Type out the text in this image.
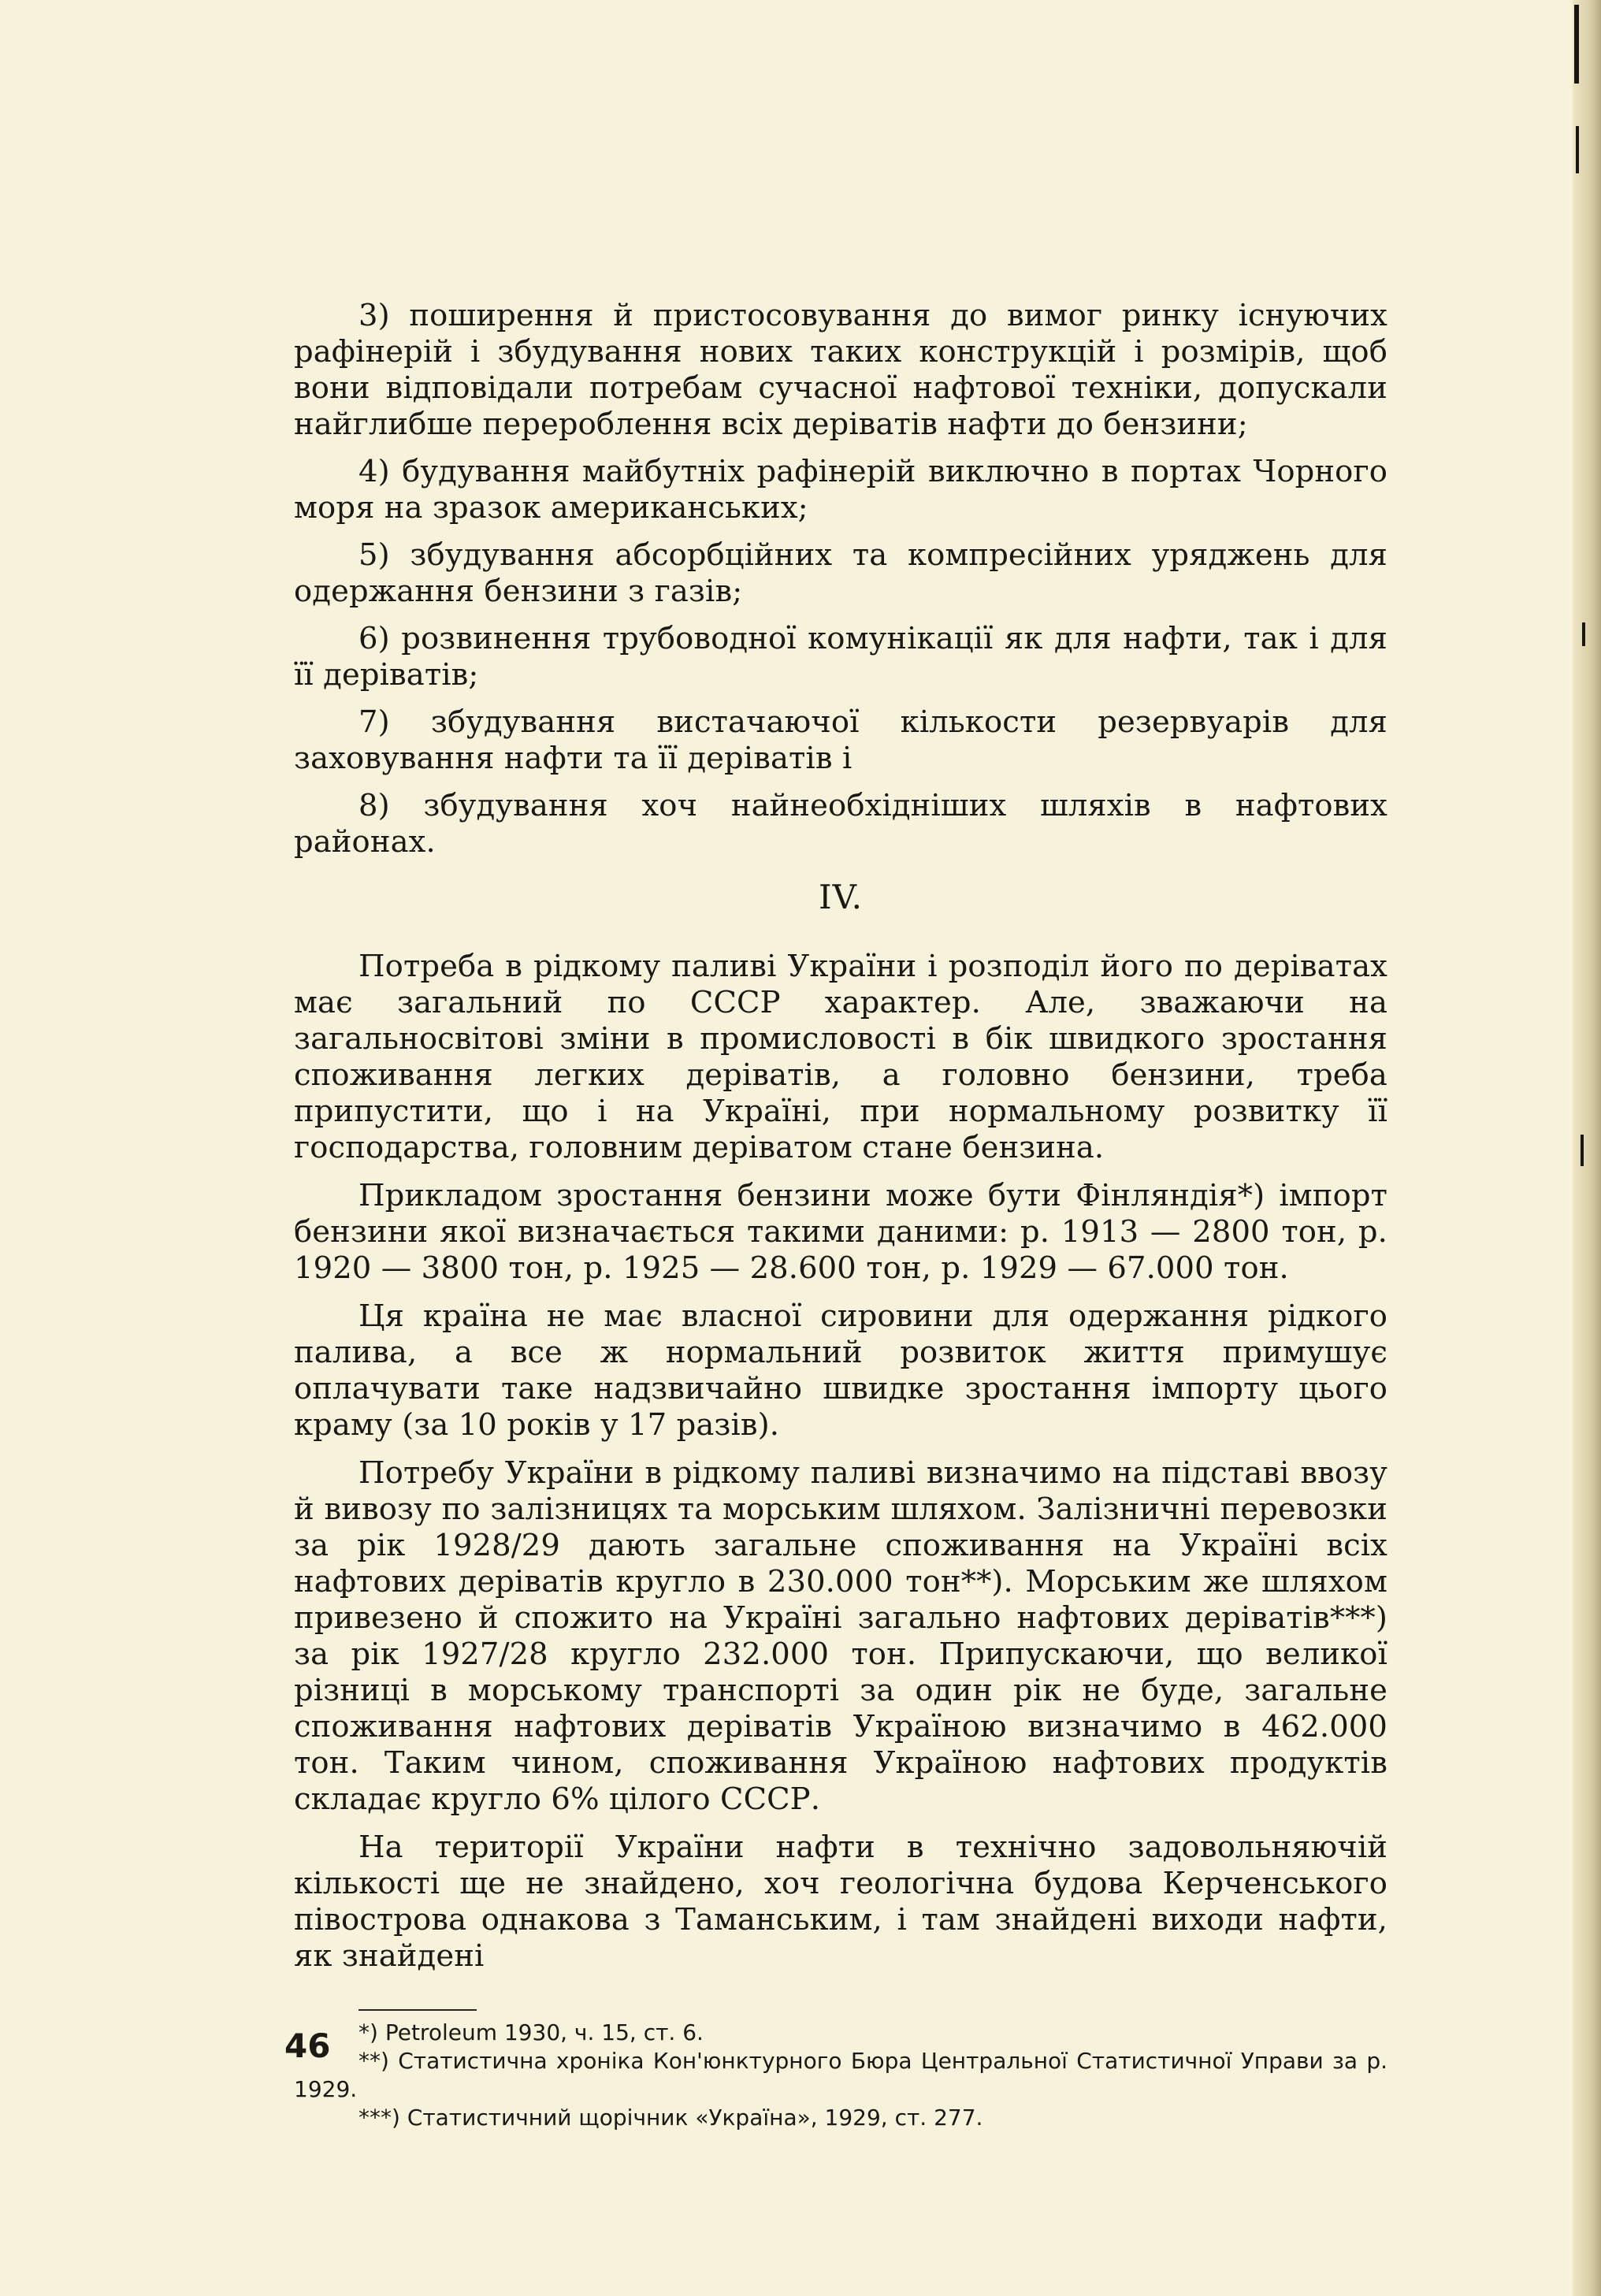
3) поширення й пристосовування до вимог ринку існуючих рафінерій і збудування нових таких конструкцій і розмірів, щоб вони відповідали потребам сучасної нафтової техніки, допускали найглибше перероблення всіх деріватів нафти до бензини;

4) будування майбутніх рафінерій виключно в портах Чорного моря на зразок американських;

5) збудування абсорбційних та компресійних уряджень для одержання бензини з газів;

6) розвинення трубоводної комунікації як для нафти, так і для її деріватів;

7) збудування вистачаючої кількости резервуарів для заховування нафти та її деріватів і

8) збудування хоч найнеобхідніших шляхів в нафтових районах.

IV.

Потреба в рідкому паливі України і розподіл його по деріватах має загальний по СССР характер. Але, зважаючи на загальносвітові зміни в промисловості в бік швидкого зростання споживання легких деріватів, а головно бензини, треба припустити, що і на Україні, при нормальному розвитку її господарства, головним деріватом стане бензина.

Прикладом зростання бензини може бути Фінляндія*) імпорт бензини якої визначається такими даними: р. 1913 — 2800 тон, р. 1920 — 3800 тон, р. 1925 — 28.600 тон, р. 1929 — 67.000 тон.

Ця країна не має власної сировини для одержання рідкого палива, а все ж нормальний розвиток життя примушує оплачувати таке надзвичайно швидке зростання імпорту цього краму (за 10 років у 17 разів).

Потребу України в рідкому паливі визначимо на підставі ввозу й вивозу по залізницях та морським шляхом. Залізничні перевозки за рік 1928/29 дають загальне споживання на Україні всіх нафтових деріватів кругло в 230.000 тон**). Морським же шляхом привезено й спожито на Україні загально нафтових деріватів***) за рік 1927/28 кругло 232.000 тон. Припускаючи, що великої різниці в морському транспорті за один рік не буде, загальне споживання нафтових деріватів Україною визначимо в 462.000 тон. Таким чином, споживання Україною нафтових продуктів складає кругло 6% цілого СССР.

На території України нафти в технічно задовольняючій кількості ще не знайдено, хоч геологічна будова Керченського півострова однакова з Таманським, і там знайдені виходи нафти, як знайдені

*) Petroleum 1930, ч. 15, ст. 6.

**) Статистична хроніка Кон'юнктурного Бюра Центральної Статистичної Управи за р. 1929.

***) Статистичний щорічник «Україна», 1929, ст. 277.

46
